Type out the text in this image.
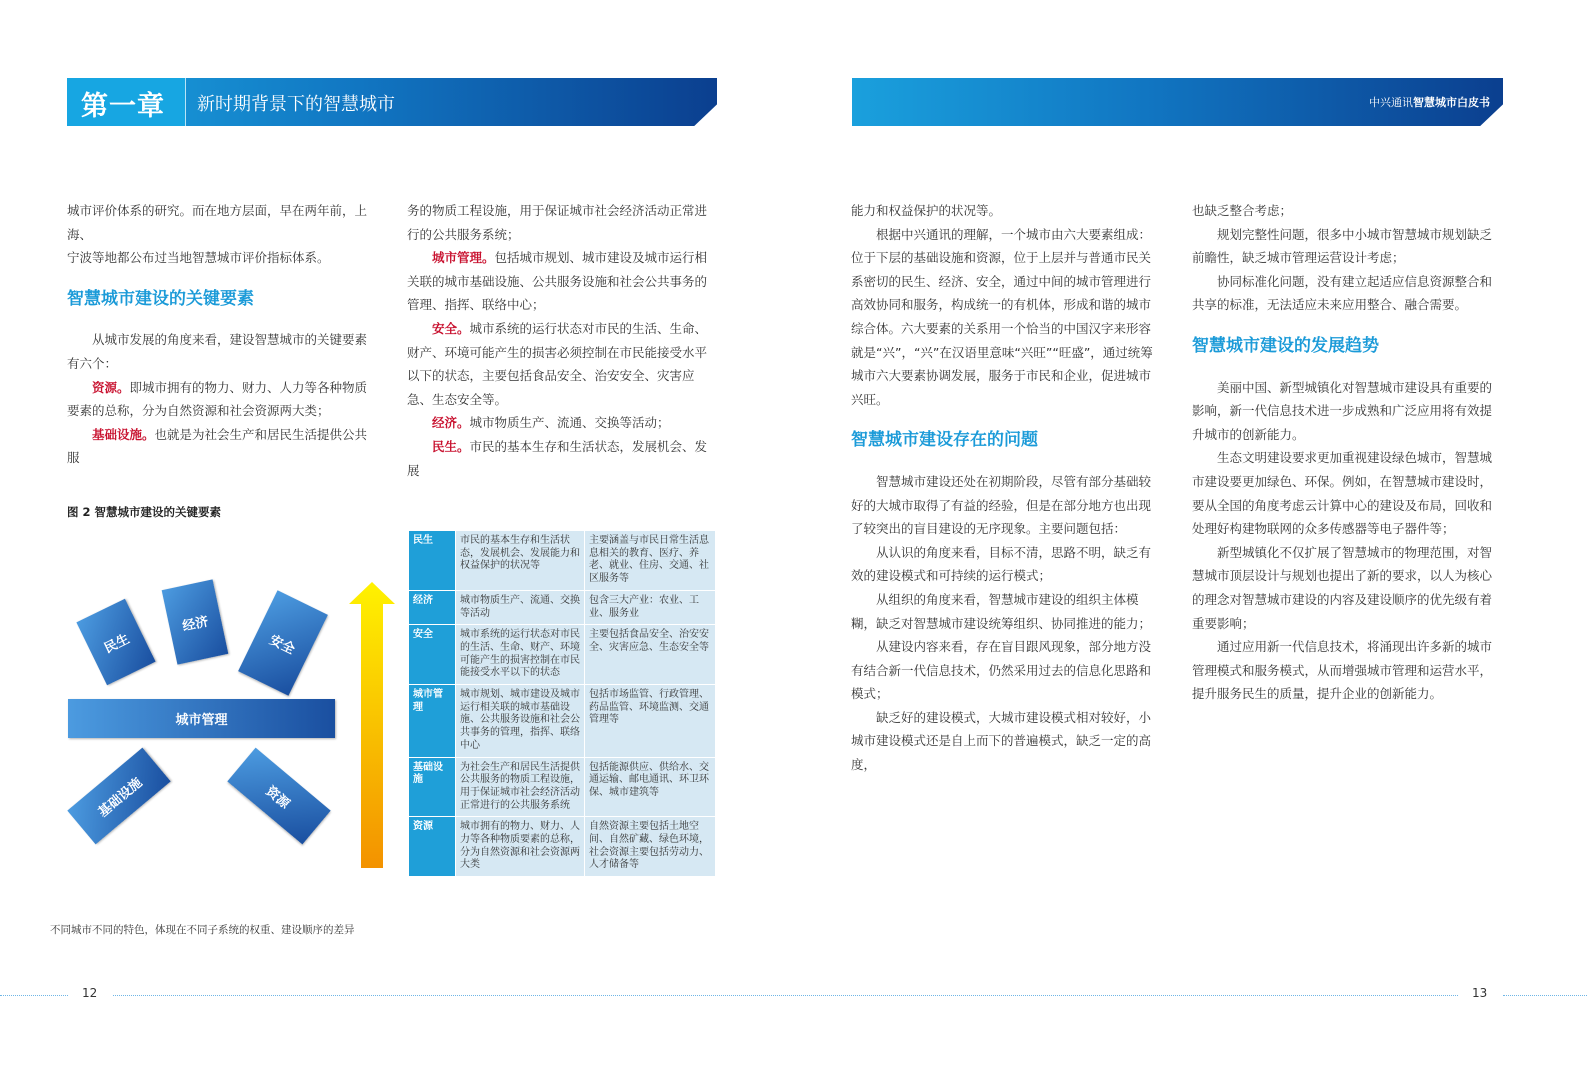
第一章 新时期背景下的智慧城市	中兴通讯智慧城市白皮书

城市评价体系的研究。而在地方层面，早在两年前，上海、

宁波等地都公布过当地智慧城市评价指标体系。

智慧城市建设的关键要素

从城市发展的角度来看，建设智慧城市的关键要素有六个：

资源。即城市拥有的物力、财力、人力等各种物质要素的总称，分为自然资源和社会资源两大类；

基础设施。也就是为社会生产和居民生活提供公共服

务的物质工程设施，用于保证城市社会经济活动正常进行的公共服务系统；

城市管理。包括城市规划、城市建设及城市运行相关联的城市基础设施、公共服务设施和社会公共事务的管理、指挥、联络中心；

安全。城市系统的运行状态对市民的生活、生命、财产、环境可能产生的损害必须控制在市民能接受水平以下的状态，主要包括食品安全、治安安全、灾害应急、生态安全等。

经济。城市物质生产、流通、交换等活动；

民生。市民的基本生存和生活状态，发展机会、发展

图 2 智慧城市建设的关键要素
民生
经济
安全
城市管理
基础设施	资源
民生	市民的基本生存和生活状态，发展机会、发展能力和权益保护的状况等	主要涵盖与市民日常生活息息相关的教育、医疗、养老、就业、住房、交通、社区服务等
经济	城市物质生产、流通、交换等活动	包含三大产业：农业、工业、服务业
安全	城市系统的运行状态对市民的生活、生命、财产、环境可能产生的损害控制在市民能接受水平以下的状态	主要包括食品安全、治安安全、灾害应急、生态安全等
城市管理	城市规划、城市建设及城市运行相关联的城市基础设施、公共服务设施和社会公共事务的管理，指挥、联络中心	包括市场监管、行政管理、药品监管、环境监测、交通管理等
基础设施	为社会生产和居民生活提供公共服务的物质工程设施，用于保证城市社会经济活动正常进行的公共服务系统	包括能源供应、供给水、交通运输、邮电通讯、环卫环保、城市建筑等
资源	城市拥有的物力、财力、人力等各种物质要素的总称，分为自然资源和社会资源两大类	自然资源主要包括土地空间、自然矿藏、绿色环境，社会资源主要包括劳动力、人才储备等
不同城市不同的特色，体现在不同子系统的权重、建设顺序的差异

能力和权益保护的状况等。

根据中兴通讯的理解，一个城市由六大要素组成：位于下层的基础设施和资源，位于上层并与普通市民关系密切的民生、经济、安全，通过中间的城市管理进行高效协同和服务，构成统一的有机体，形成和谐的城市综合体。六大要素的关系用一个恰当的中国汉字来形容就是“兴”，“兴”在汉语里意味“兴旺”“旺盛”，通过统筹城市六大要素协调发展，服务于市民和企业，促进城市兴旺。

智慧城市建设存在的问题

智慧城市建设还处在初期阶段，尽管有部分基础较好的大城市取得了有益的经验，但是在部分地方也出现了较突出的盲目建设的无序现象。主要问题包括：

从认识的角度来看，目标不清，思路不明，缺乏有效的建设模式和可持续的运行模式；

从组织的角度来看，智慧城市建设的组织主体模糊，缺乏对智慧城市建设统筹组织、协同推进的能力；

从建设内容来看，存在盲目跟风现象，部分地方没有结合新一代信息技术，仍然采用过去的信息化思路和模式；

缺乏好的建设模式，大城市建设模式相对较好，小城市建设模式还是自上而下的普遍模式，缺乏一定的高度，

也缺乏整合考虑；

规划完整性问题，很多中小城市智慧城市规划缺乏前瞻性，缺乏城市管理运营设计考虑；

协同标准化问题，没有建立起适应信息资源整合和共享的标准，无法适应未来应用整合、融合需要。

智慧城市建设的发展趋势

美丽中国、新型城镇化对智慧城市建设具有重要的影响，新一代信息技术进一步成熟和广泛应用将有效提升城市的创新能力。

生态文明建设要求更加重视建设绿色城市，智慧城市建设要更加绿色、环保。例如，在智慧城市建设时，要从全国的角度考虑云计算中心的建设及布局，回收和处理好构建物联网的众多传感器等电子器件等；

新型城镇化不仅扩展了智慧城市的物理范围，对智慧城市顶层设计与规划也提出了新的要求，以人为核心的理念对智慧城市建设的内容及建设顺序的优先级有着重要影响；

通过应用新一代信息技术，将涌现出许多新的城市管理模式和服务模式，从而增强城市管理和运营水平，提升服务民生的质量，提升企业的创新能力。

12	13
